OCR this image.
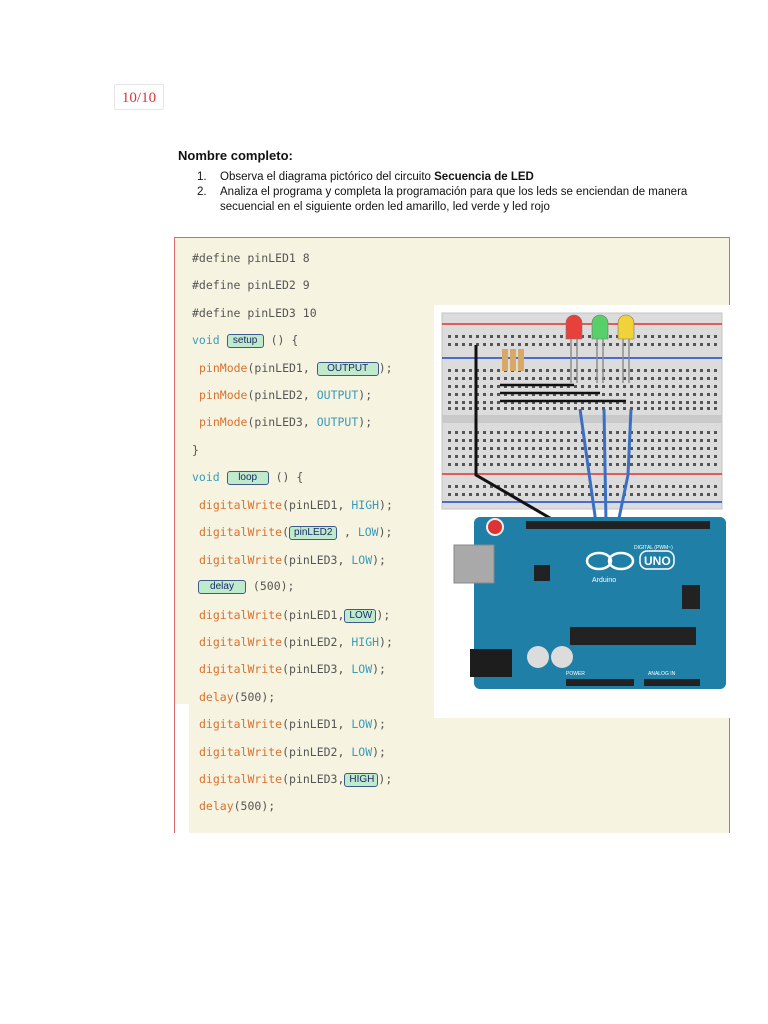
10/10
Nombre completo:
1. Observa el diagrama pictórico del circuito Secuencia de LED
2. Analiza el programa y completa la programación para que los leds se enciendan de manera secuencial en el siguiente orden led amarillo, led verde y led rojo
#define pinLED1 8
#define pinLED2 9
#define pinLED3 10
void setup () {
pinMode(pinLED1, OUTPUT );
pinMode(pinLED2, OUTPUT);
pinMode(pinLED3, OUTPUT);
}
void loop () {
digitalWrite(pinLED1, HIGH);
digitalWrite( pinLED2 , LOW);
digitalWrite(pinLED3, LOW);
delay (500);
digitalWrite(pinLED1, LOW );
digitalWrite(pinLED2, HIGH);
digitalWrite(pinLED3, LOW);
delay(500);
digitalWrite(pinLED1, LOW);
digitalWrite(pinLED2, LOW);
digitalWrite(pinLED3, HIGH );
delay(500);
Arduino
UNO
DIGITAL (PWM~)
POWER	ANALOG IN
